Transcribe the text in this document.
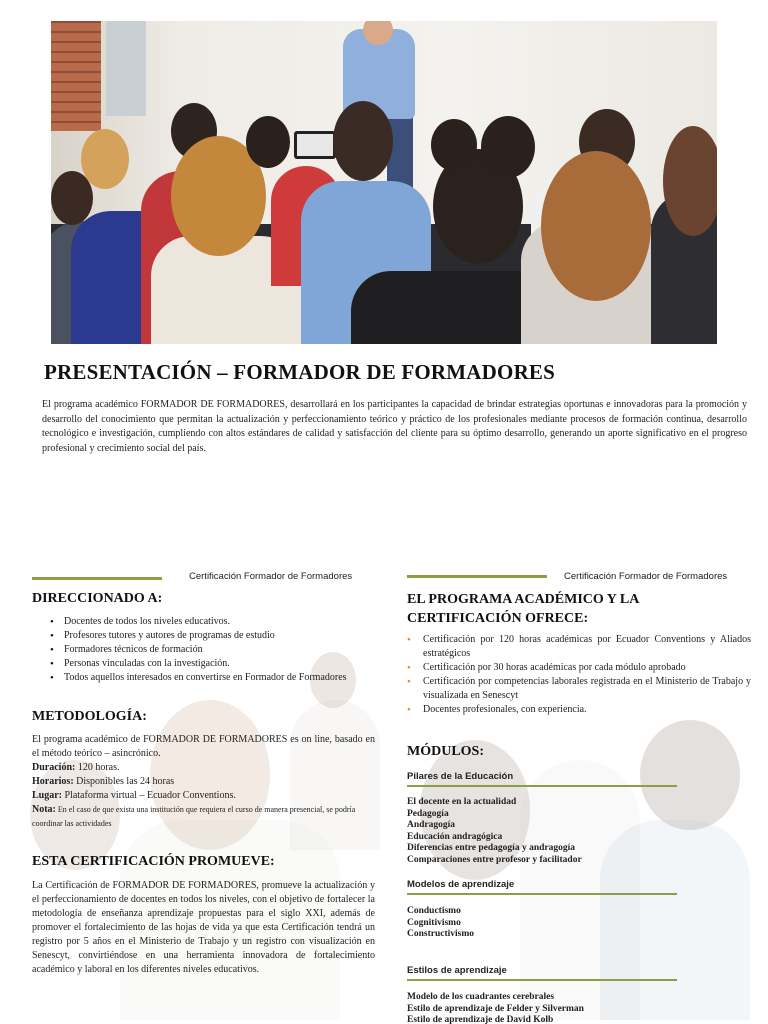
PRESENTACIÓN – FORMADOR DE FORMADORES

El programa académico FORMADOR DE FORMADORES, desarrollará en los participantes la capacidad de brindar estrategias oportunas e innovadoras para la promoción y desarrollo del conocimiento que permitan la actualización y perfeccionamiento teórico y práctico de los profesionales mediante procesos de formación continua, desarrollo tecnológico e investigación, cumpliendo con altos estándares de calidad y satisfacción del cliente para su óptimo desarrollo, generando un aporte significativo en el progreso profesional y crecimiento social del país.

Certificación Formador de Formadores	Certificación Formador de Formadores
DIRECCIONADO A:
• Docentes de todos los niveles educativos.
• Profesores tutores y autores de programas de estudio
• Formadores técnicos de formación
• Personas vinculadas con la investigación.
• Todos aquellos interesados en convertirse en Formador de Formadores
METODOLOGÍA:

El programa académico de FORMADOR DE FORMADORES es on line, basado en el método teórico – asincrónico.

Duración: 120 horas.

Horarios: Disponibles las 24 horas

Lugar: Plataforma virtual – Ecuador Conventions.

Nota: En el caso de que exista una institución que requiera el curso de manera presencial, se podría coordinar las actividades

ESTA CERTIFICACIÓN PROMUEVE:

La Certificación de FORMADOR DE FORMADORES, promueve la actualización y el perfeccionamiento de docentes en todos los niveles, con el objetivo de fortalecer la metodología de enseñanza aprendizaje propuestas para el siglo XXI, además de promover el fortalecimiento de las hojas de vida ya que esta Certificación tendrá un registro por 5 años en el Ministerio de Trabajo y un registro con visualización en Senescyt, convirtiéndose en una herramienta innovadora de fortalecimiento académico y laboral en los diferentes niveles educativos.

EL PROGRAMA ACADÉMICO Y LA CERTIFICACIÓN OFRECE:
• Certificación por 120 horas académicas por Ecuador Conventions y Aliados estratégicos
• Certificación por 30 horas académicas por cada módulo aprobado
• Certificación por competencias laborales registrada en el Ministerio de Trabajo y visualizada en Senescyt
• Docentes profesionales, con experiencia.
MÓDULOS:
Pilares de la Educación
El docente en la actualidad
Pedagogía
Andragogía
Educación andragógica
Diferencias entre pedagogía y andragogía
Comparaciones entre profesor y facilitador
Modelos de aprendizaje
Conductismo
Cognitivismo
Constructivismo
Estilos de aprendizaje
Modelo de los cuadrantes cerebrales
Estilo de aprendizaje de Felder y Silverman
Estilo de aprendizaje de David Kolb
